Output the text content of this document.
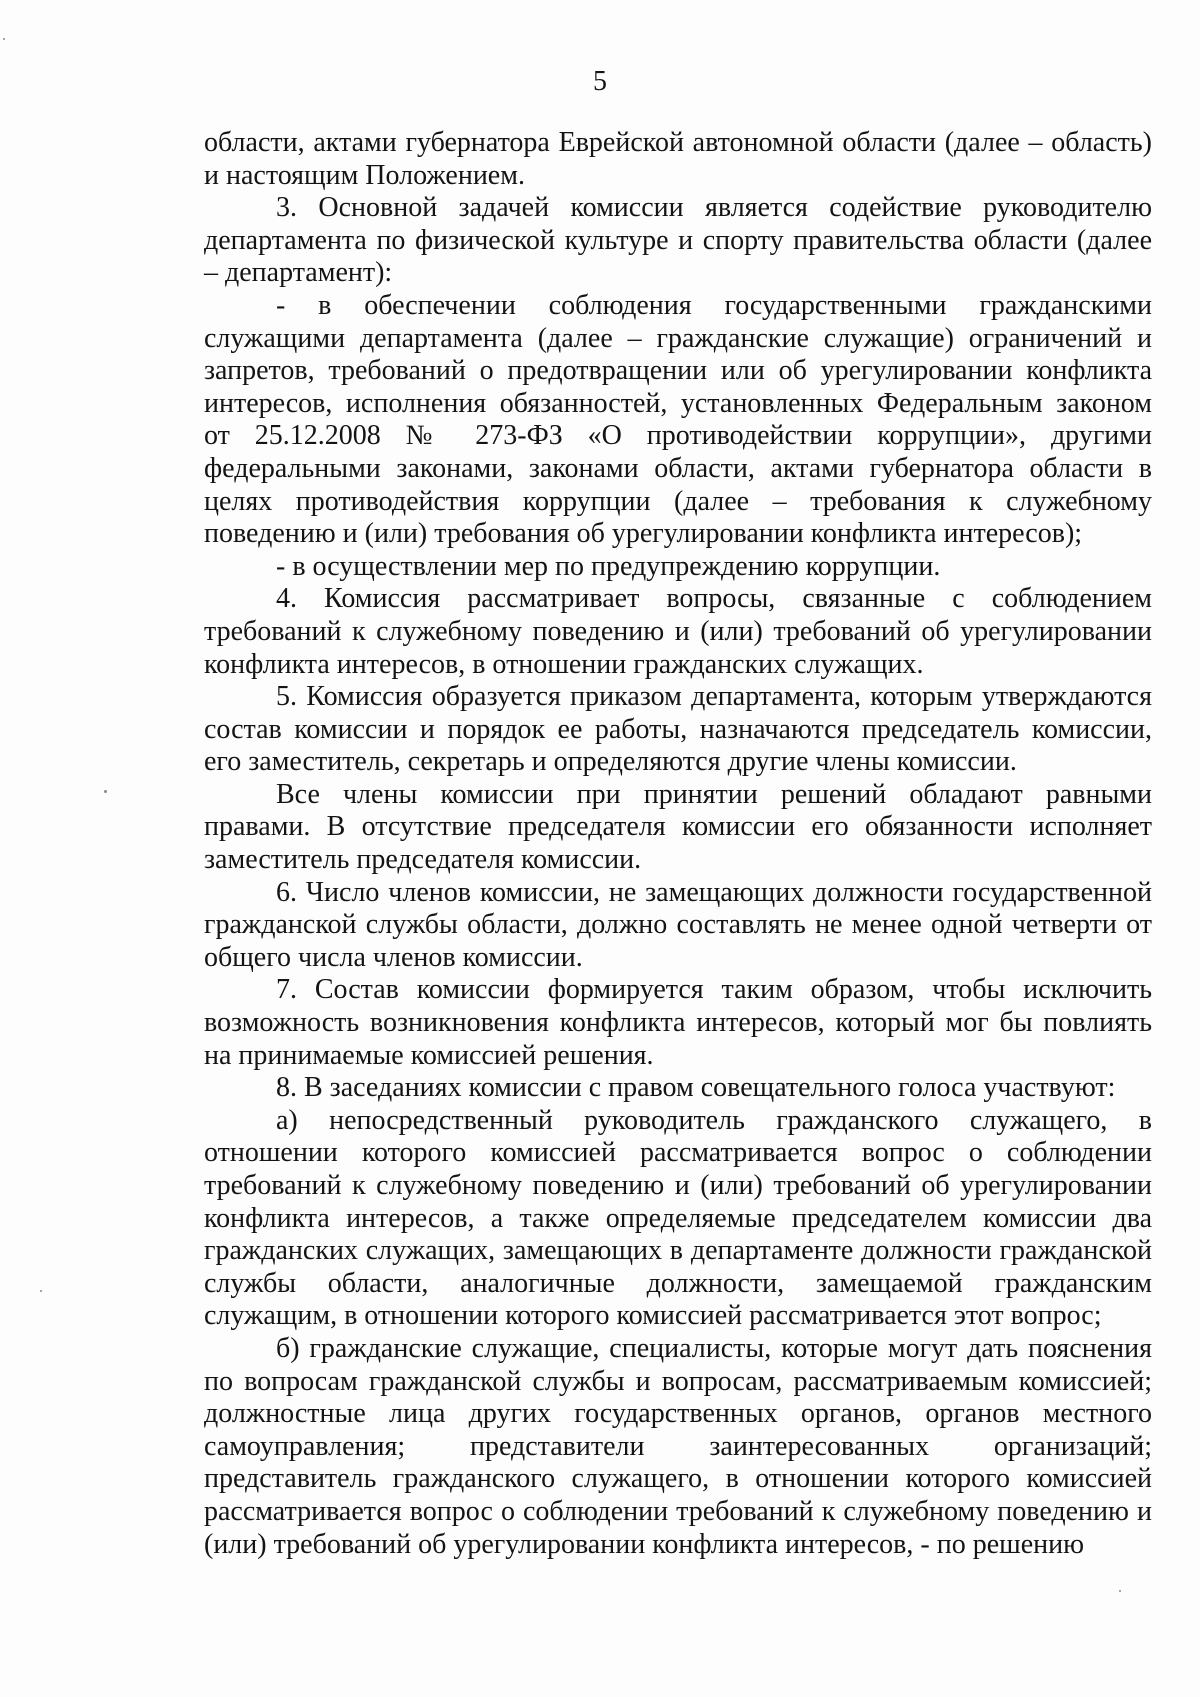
5

области, актами губернатора Еврейской автономной области (далее – область) и настоящим Положением.

3. Основной задачей комиссии является содействие руководителю департамента по физической культуре и спорту правительства области (далее – департамент):

- в обеспечении соблюдения государственными гражданскими служащими департамента (далее – гражданские служащие) ограничений и запретов, требований о предотвращении или об урегулировании конфликта интересов, исполнения обязанностей, установленных Федеральным законом от 25.12.2008 № 273-ФЗ «О противодействии коррупции», другими федеральными законами, законами области, актами губернатора области в целях противодействия коррупции (далее – требования к служебному поведению и (или) требования об урегулировании конфликта интересов);

- в осуществлении мер по предупреждению коррупции.

4. Комиссия рассматривает вопросы, связанные с соблюдением требований к служебному поведению и (или) требований об урегулировании конфликта интересов, в отношении гражданских служащих.

5. Комиссия образуется приказом департамента, которым утверждаются состав комиссии и порядок ее работы, назначаются председатель комиссии, его заместитель, секретарь и определяются другие члены комиссии.

Все члены комиссии при принятии решений обладают равными правами. В отсутствие председателя комиссии его обязанности исполняет заместитель председателя комиссии.

6. Число членов комиссии, не замещающих должности государственной гражданской службы области, должно составлять не менее одной четверти от общего числа членов комиссии.

7. Состав комиссии формируется таким образом, чтобы исключить возможность возникновения конфликта интересов, который мог бы повлиять на принимаемые комиссией решения.

8. В заседаниях комиссии с правом совещательного голоса участвуют:

а) непосредственный руководитель гражданского служащего, в отношении которого комиссией рассматривается вопрос о соблюдении требований к служебному поведению и (или) требований об урегулировании конфликта интересов, а также определяемые председателем комиссии два гражданских служащих, замещающих в департаменте должности гражданской службы области, аналогичные должности, замещаемой гражданским служащим, в отношении которого комиссией рассматривается этот вопрос;

б) гражданские служащие, специалисты, которые могут дать пояснения по вопросам гражданской службы и вопросам, рассматриваемым комиссией; должностные лица других государственных органов, органов местного самоуправления; представители заинтересованных организаций; представитель гражданского служащего, в отношении которого комиссией рассматривается вопрос о соблюдении требований к служебному поведению и (или) требований об урегулировании конфликта интересов, - по решению
